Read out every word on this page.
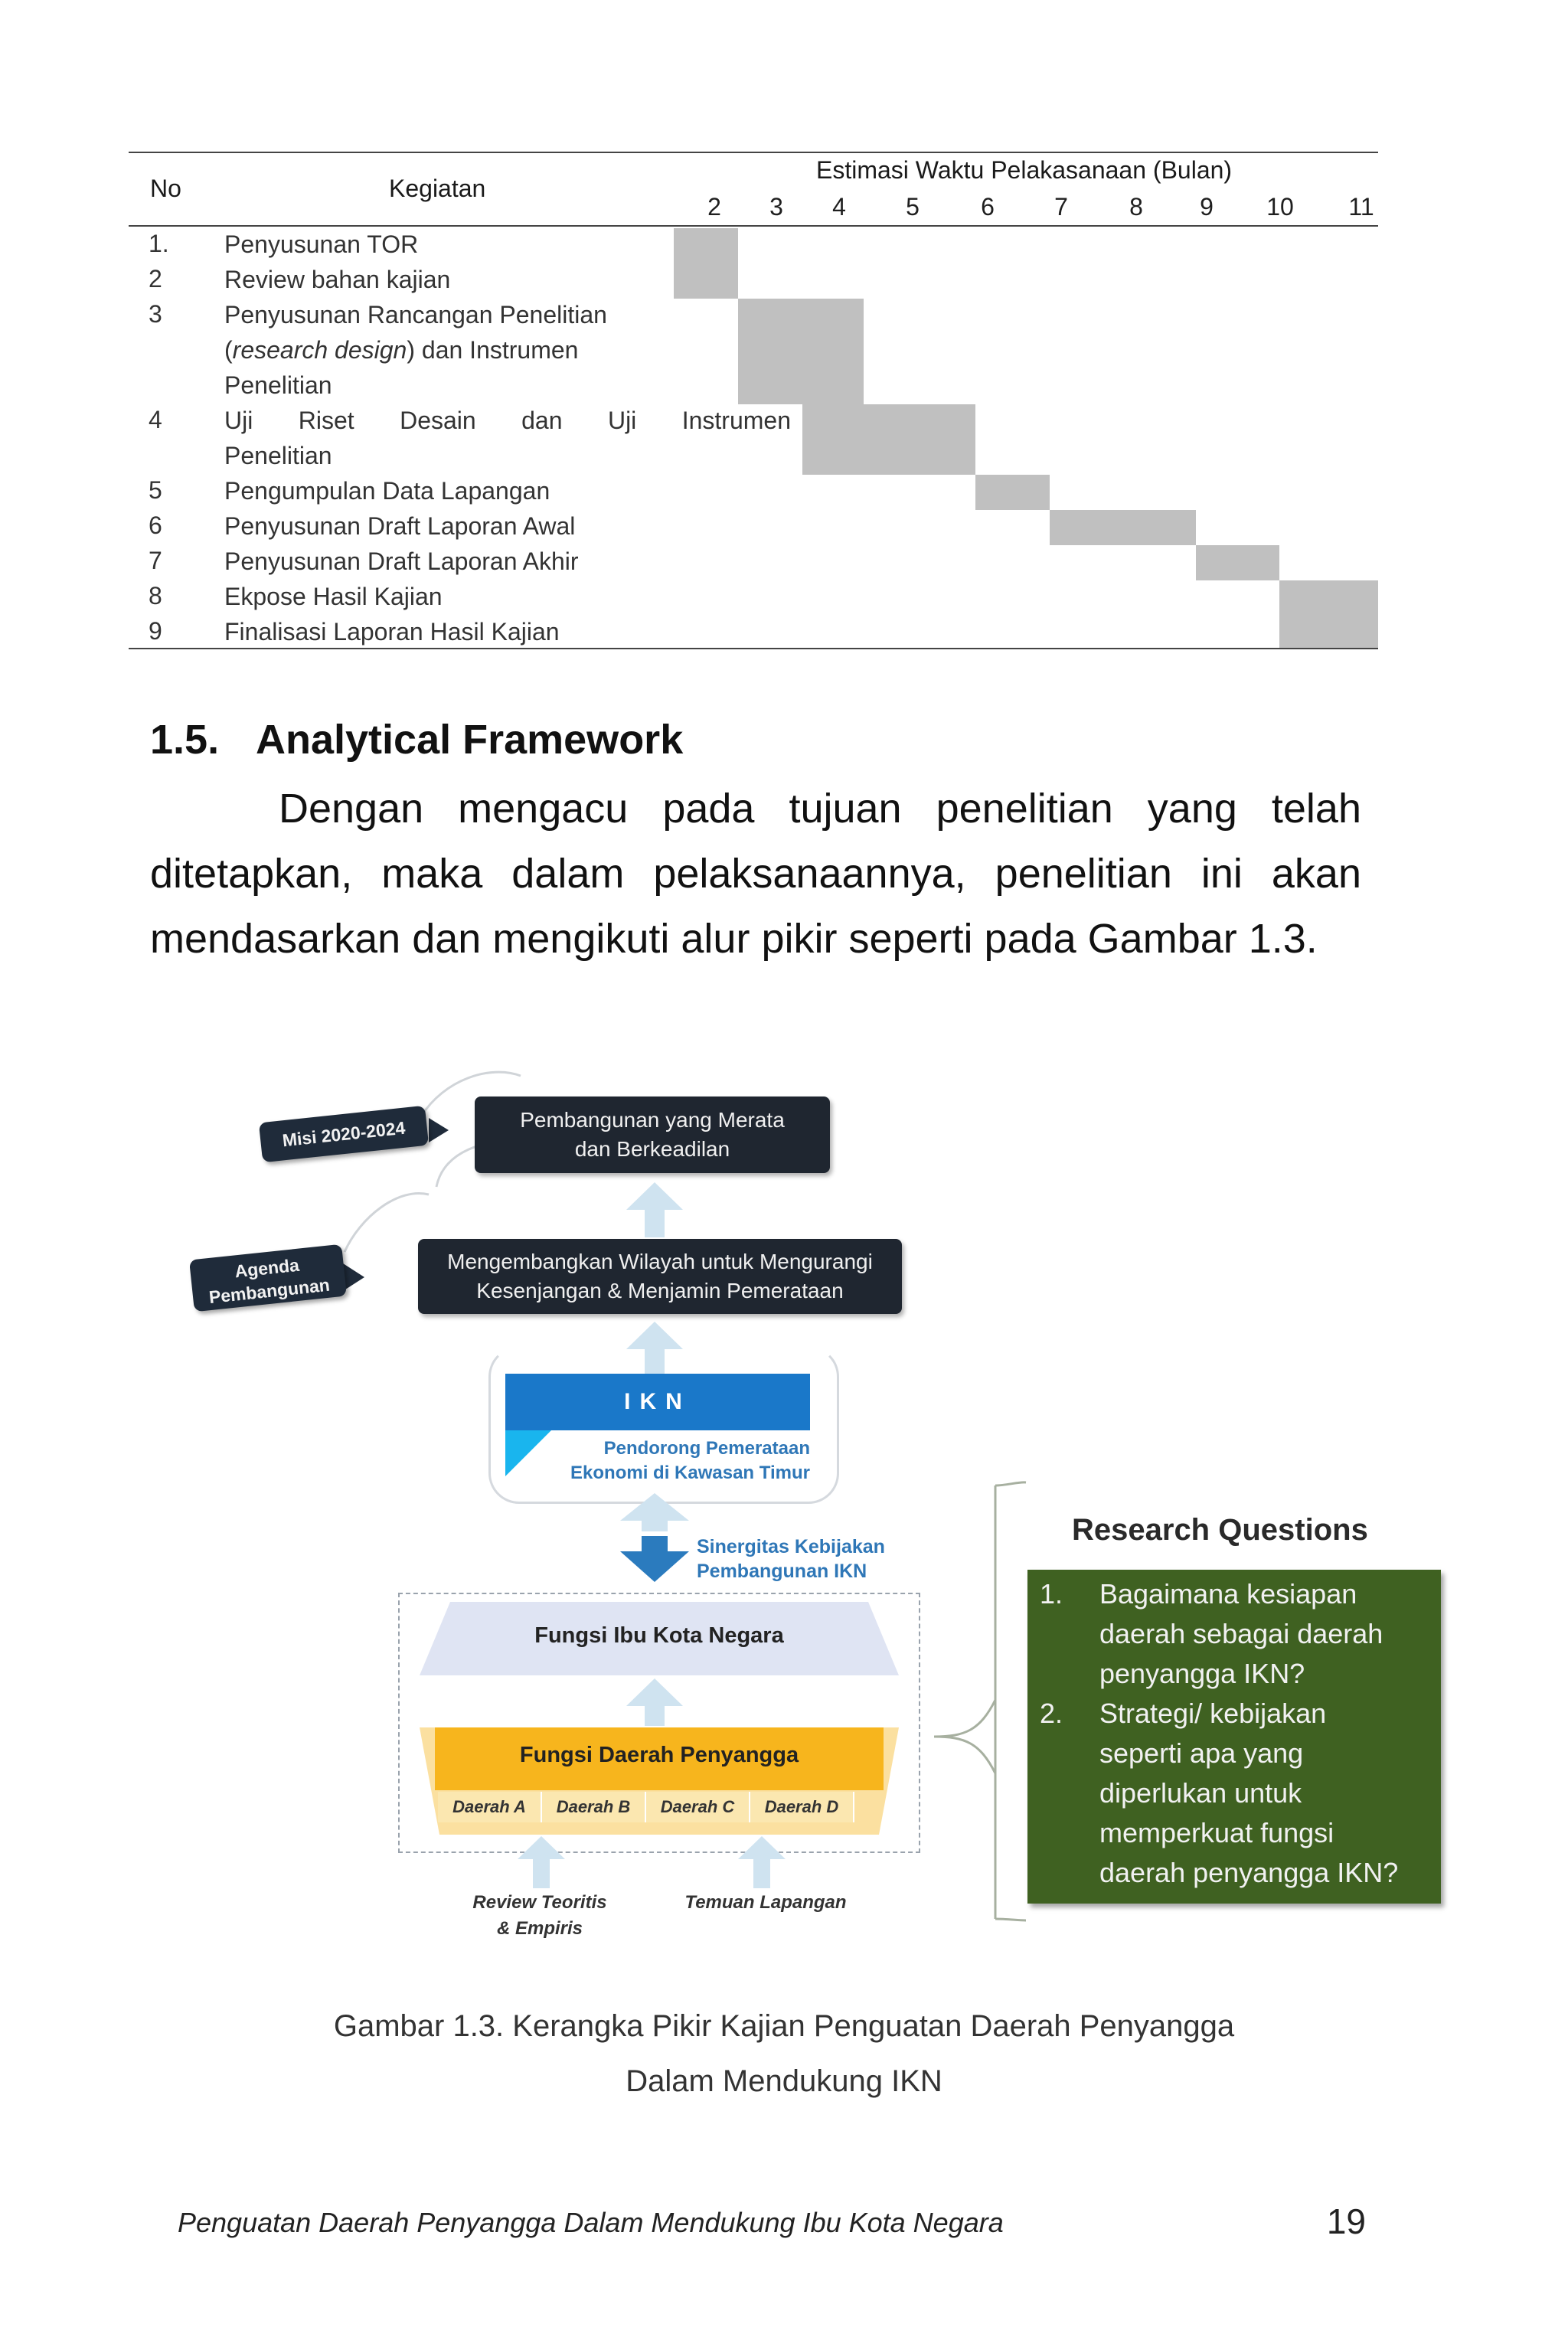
No	Kegiatan
Estimasi Waktu Pelakasanaan (Bulan)
2 3 4 5	6 7	8 9 10 11
1. Penyusunan TOR
2	Review bahan kajian
3	Penyusunan Rancangan Penelitian
(research design) dan Instrumen
Penelitian
4	Uji Riset Desain dan Uji Instrumen
Penelitian
5	Pengumpulan Data Lapangan
6	Penyusunan Draft Laporan Awal
7	Penyusunan Draft Laporan Akhir
8	Ekpose Hasil Kajian
9	Finalisasi Laporan Hasil Kajian
1.5. Analytical Framework
Dengan mengacu pada tujuan penelitian yang telah ditetapkan, maka dalam pelaksanaannya, penelitian ini akan mendasarkan dan mengikuti alur pikir seperti pada Gambar 1.3.
Misi 2020-2024
Agenda Pembangunan
Pembangunan yang Merata
dan Berkeadilan
Mengembangkan Wilayah untuk Mengurangi
Kesenjangan & Menjamin Pemerataan
IKN
Pendorong Pemerataan
Ekonomi di Kawasan Timur
Sinergitas Kebijakan
Pembangunan IKN
Fungsi Ibu Kota Negara
Fungsi Daerah Penyangga
Daerah A	Daerah B	Daerah C	Daerah D
Review Teoritis
& Empiris
Temuan Lapangan
Research Questions
1. Bagaimana kesiapan
daerah sebagai daerah
penyangga IKN?
2. Strategi/ kebijakan
seperti apa yang
diperlukan untuk
memperkuat fungsi
daerah penyangga IKN?
Gambar 1.3. Kerangka Pikir Kajian Penguatan Daerah Penyangga
Dalam Mendukung IKN
Penguatan Daerah Penyangga Dalam Mendukung Ibu Kota Negara	19
